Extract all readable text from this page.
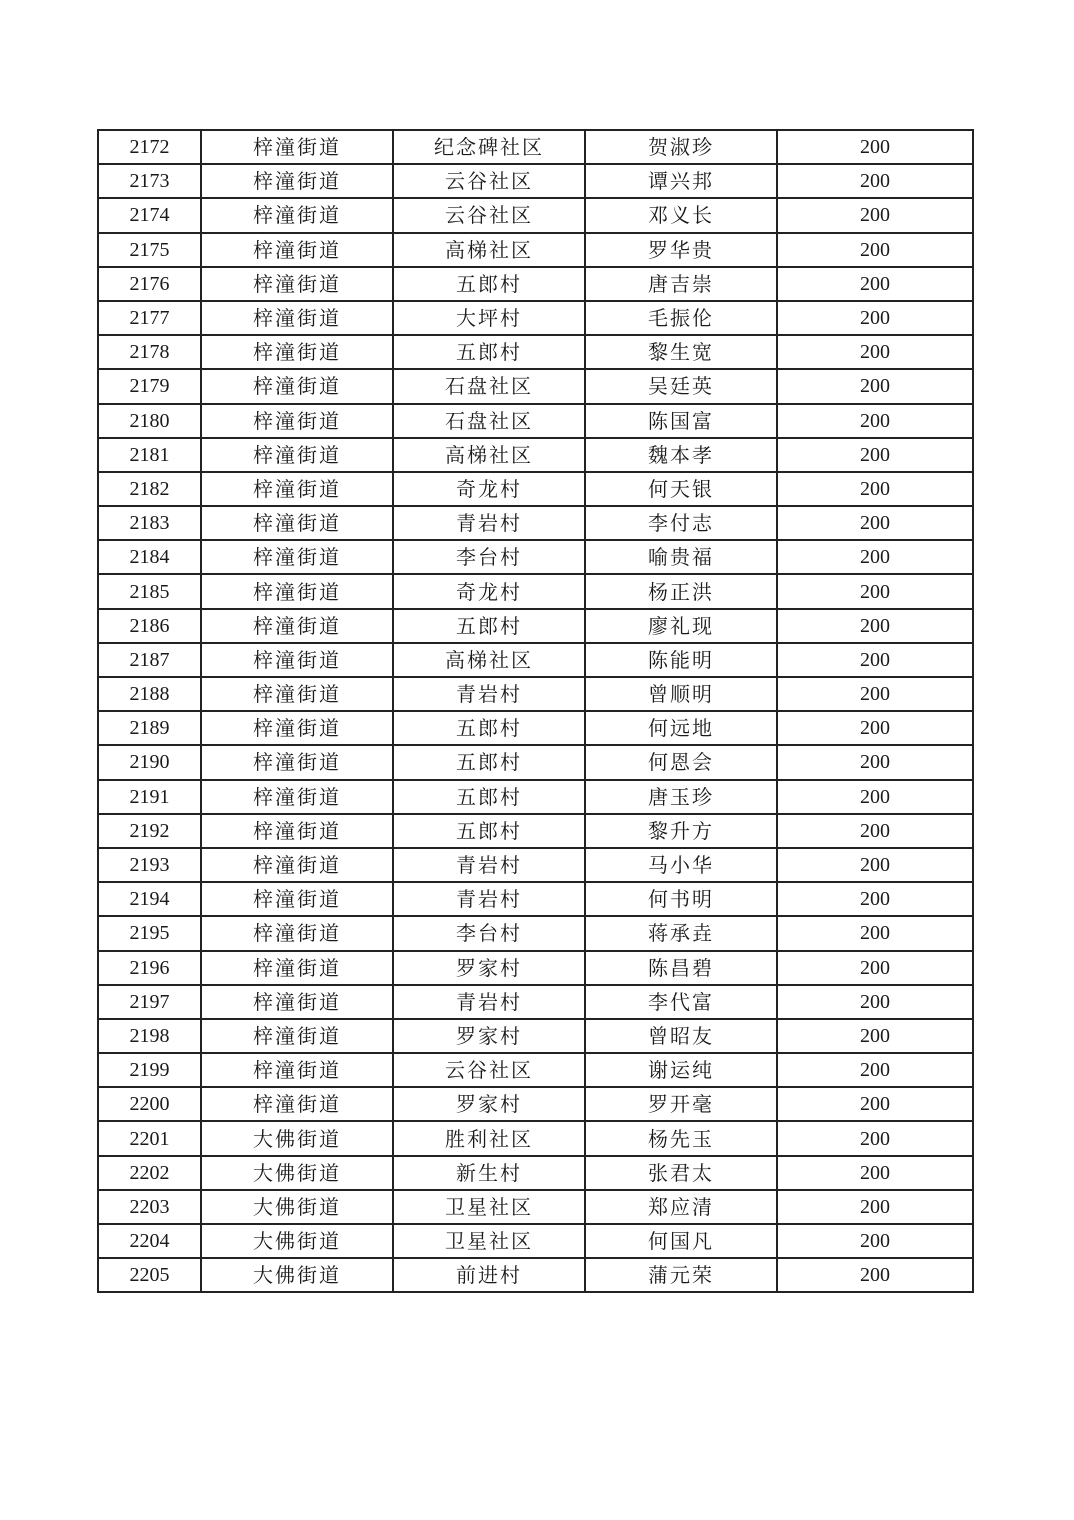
2172	梓潼街道	纪念碑社区	贺淑珍	200
2173	梓潼街道	云谷社区	谭兴邦	200
2174	梓潼街道	云谷社区	邓义长	200
2175	梓潼街道	高梯社区	罗华贵	200
2176	梓潼街道	五郎村	唐吉崇	200
2177	梓潼街道	大坪村	毛振伦	200
2178	梓潼街道	五郎村	黎生宽	200
2179	梓潼街道	石盘社区	吴廷英	200
2180	梓潼街道	石盘社区	陈国富	200
2181	梓潼街道	高梯社区	魏本孝	200
2182	梓潼街道	奇龙村	何天银	200
2183	梓潼街道	青岩村	李付志	200
2184	梓潼街道	李台村	喻贵福	200
2185	梓潼街道	奇龙村	杨正洪	200
2186	梓潼街道	五郎村	廖礼现	200
2187	梓潼街道	高梯社区	陈能明	200
2188	梓潼街道	青岩村	曾顺明	200
2189	梓潼街道	五郎村	何远地	200
2190	梓潼街道	五郎村	何恩会	200
2191	梓潼街道	五郎村	唐玉珍	200
2192	梓潼街道	五郎村	黎升方	200
2193	梓潼街道	青岩村	马小华	200
2194	梓潼街道	青岩村	何书明	200
2195	梓潼街道	李台村	蒋承垚	200
2196	梓潼街道	罗家村	陈昌碧	200
2197	梓潼街道	青岩村	李代富	200
2198	梓潼街道	罗家村	曾昭友	200
2199	梓潼街道	云谷社区	谢运纯	200
2200	梓潼街道	罗家村	罗开毫	200
2201	大佛街道	胜利社区	杨先玉	200
2202	大佛街道	新生村	张君太	200
2203	大佛街道	卫星社区	郑应清	200
2204	大佛街道	卫星社区	何国凡	200
2205	大佛街道	前进村	蒲元荣	200
